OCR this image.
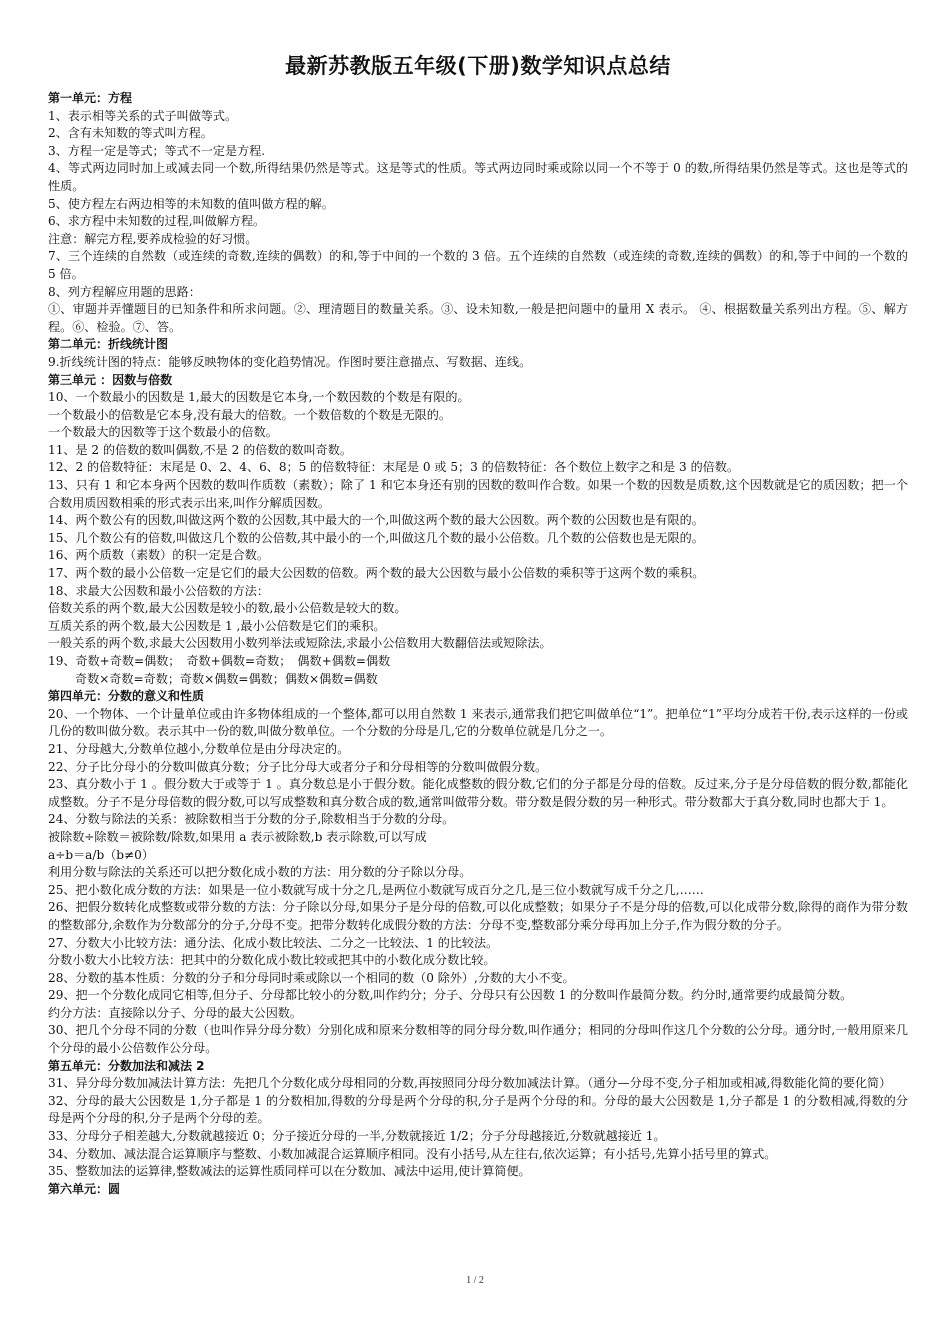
最新苏教版五年级(下册)数学知识点总结

第一单元：方程

1、表示相等关系的式子叫做等式。

2、含有未知数的等式叫方程。

3、方程一定是等式；等式不一定是方程.

4、等式两边同时加上或减去同一个数,所得结果仍然是等式。这是等式的性质。等式两边同时乘或除以同一个不等于 0 的数,所得结果仍然是等式。这也是等式的性质。

5、使方程左右两边相等的未知数的值叫做方程的解。

6、求方程中未知数的过程,叫做解方程。

注意：解完方程,要养成检验的好习惯。

7、三个连续的自然数（或连续的奇数,连续的偶数）的和,等于中间的一个数的 3 倍。五个连续的自然数（或连续的奇数,连续的偶数）的和,等于中间的一个数的 5 倍。

8、列方程解应用题的思路：

①、审题并弄懂题目的已知条件和所求问题。②、理清题目的数量关系。③、设未知数,一般是把问题中的量用 X 表示。 ④、根据数量关系列出方程。⑤、解方程。⑥、检验。⑦、答。

第二单元：折线统计图

9.折线统计图的特点：能够反映物体的变化趋势情况。作图时要注意描点、写数据、连线。

第三单元 ：因数与倍数

10、一个数最小的因数是 1,最大的因数是它本身,一个数因数的个数是有限的。

一个数最小的倍数是它本身,没有最大的倍数。一个数倍数的个数是无限的。

一个数最大的因数等于这个数最小的倍数。

11、是 2 的倍数的数叫偶数,不是 2 的倍数的数叫奇数。

12、2 的倍数特征：末尾是 0、2、4、6、8；5 的倍数特征：末尾是 0 或 5；3 的倍数特征：各个数位上数字之和是 3 的倍数。

13、只有 1 和它本身两个因数的数叫作质数（素数）；除了 1 和它本身还有别的因数的数叫作合数。如果一个数的因数是质数,这个因数就是它的质因数；把一个合数用质因数相乘的形式表示出来,叫作分解质因数。

14、两个数公有的因数,叫做这两个数的公因数,其中最大的一个,叫做这两个数的最大公因数。两个数的公因数也是有限的。

15、几个数公有的倍数,叫做这几个数的公倍数,其中最小的一个,叫做这几个数的最小公倍数。几个数的公倍数也是无限的。

16、两个质数（素数）的积一定是合数。

17、两个数的最小公倍数一定是它们的最大公因数的倍数。两个数的最大公因数与最小公倍数的乘积等于这两个数的乘积。

18、求最大公因数和最小公倍数的方法：

倍数关系的两个数,最大公因数是较小的数,最小公倍数是较大的数。

互质关系的两个数,最大公因数是 1 ,最小公倍数是它们的乘积。

一般关系的两个数,求最大公因数用小数列举法或短除法,求最小公倍数用大数翻倍法或短除法。

19、奇数+奇数=偶数；　奇数+偶数=奇数；　偶数+偶数=偶数

奇数×奇数=奇数；奇数×偶数=偶数；偶数×偶数=偶数

第四单元：分数的意义和性质

20、一个物体、一个计量单位或由许多物体组成的一个整体,都可以用自然数 1 来表示,通常我们把它叫做单位“1”。把单位“1”平均分成若干份,表示这样的一份或几份的数叫做分数。表示其中一份的数,叫做分数单位。一个分数的分母是几,它的分数单位就是几分之一。

21、分母越大,分数单位越小,分数单位是由分母决定的。

22、分子比分母小的分数叫做真分数；分子比分母大或者分子和分母相等的分数叫做假分数。

23、真分数小于 1 。假分数大于或等于 1 。真分数总是小于假分数。能化成整数的假分数,它们的分子都是分母的倍数。反过来,分子是分母倍数的假分数,都能化成整数。分子不是分母倍数的假分数,可以写成整数和真分数合成的数,通常叫做带分数。带分数是假分数的另一种形式。带分数都大于真分数,同时也都大于 1。

24、分数与除法的关系：被除数相当于分数的分子,除数相当于分数的分母。

被除数÷除数＝被除数/除数,如果用 a 表示被除数,b 表示除数,可以写成

a÷b＝a/b（b≠0）

利用分数与除法的关系还可以把分数化成小数的方法：用分数的分子除以分母。

25、把小数化成分数的方法：如果是一位小数就写成十分之几,是两位小数就写成百分之几,是三位小数就写成千分之几,……

26、把假分数转化成整数或带分数的方法：分子除以分母,如果分子是分母的倍数,可以化成整数；如果分子不是分母的倍数,可以化成带分数,除得的商作为带分数的整数部分,余数作为分数部分的分子,分母不变。把带分数转化成假分数的方法：分母不变,整数部分乘分母再加上分子,作为假分数的分子。

27、分数大小比较方法：通分法、化成小数比较法、二分之一比较法、1 的比较法。

分数小数大小比较方法：把其中的分数化成小数比较或把其中的小数化成分数比较。

28、分数的基本性质：分数的分子和分母同时乘或除以一个相同的数（0 除外）,分数的大小不变。

29、把一个分数化成同它相等,但分子、分母都比较小的分数,叫作约分；分子、分母只有公因数 1 的分数叫作最简分数。约分时,通常要约成最简分数。

约分方法：直接除以分子、分母的最大公因数。

30、把几个分母不同的分数（也叫作异分母分数）分别化成和原来分数相等的同分母分数,叫作通分；相同的分母叫作这几个分数的公分母。通分时,一般用原来几个分母的最小公倍数作公分母。

第五单元：分数加法和减法 2

31、异分母分数加减法计算方法：先把几个分数化成分母相同的分数,再按照同分母分数加减法计算。（通分—分母不变,分子相加或相减,得数能化简的要化简）

32、分母的最大公因数是 1,分子都是 1 的分数相加,得数的分母是两个分母的积,分子是两个分母的和。分母的最大公因数是 1,分子都是 1 的分数相减,得数的分母是两个分母的积,分子是两个分母的差。

33、分母分子相差越大,分数就越接近 0；分子接近分母的一半,分数就接近 1/2；分子分母越接近,分数就越接近 1。

34、分数加、减法混合运算顺序与整数、小数加减混合运算顺序相同。没有小括号,从左往右,依次运算；有小括号,先算小括号里的算式。

35、整数加法的运算律,整数减法的运算性质同样可以在分数加、减法中运用,使计算简便。

第六单元：圆

1 / 2
